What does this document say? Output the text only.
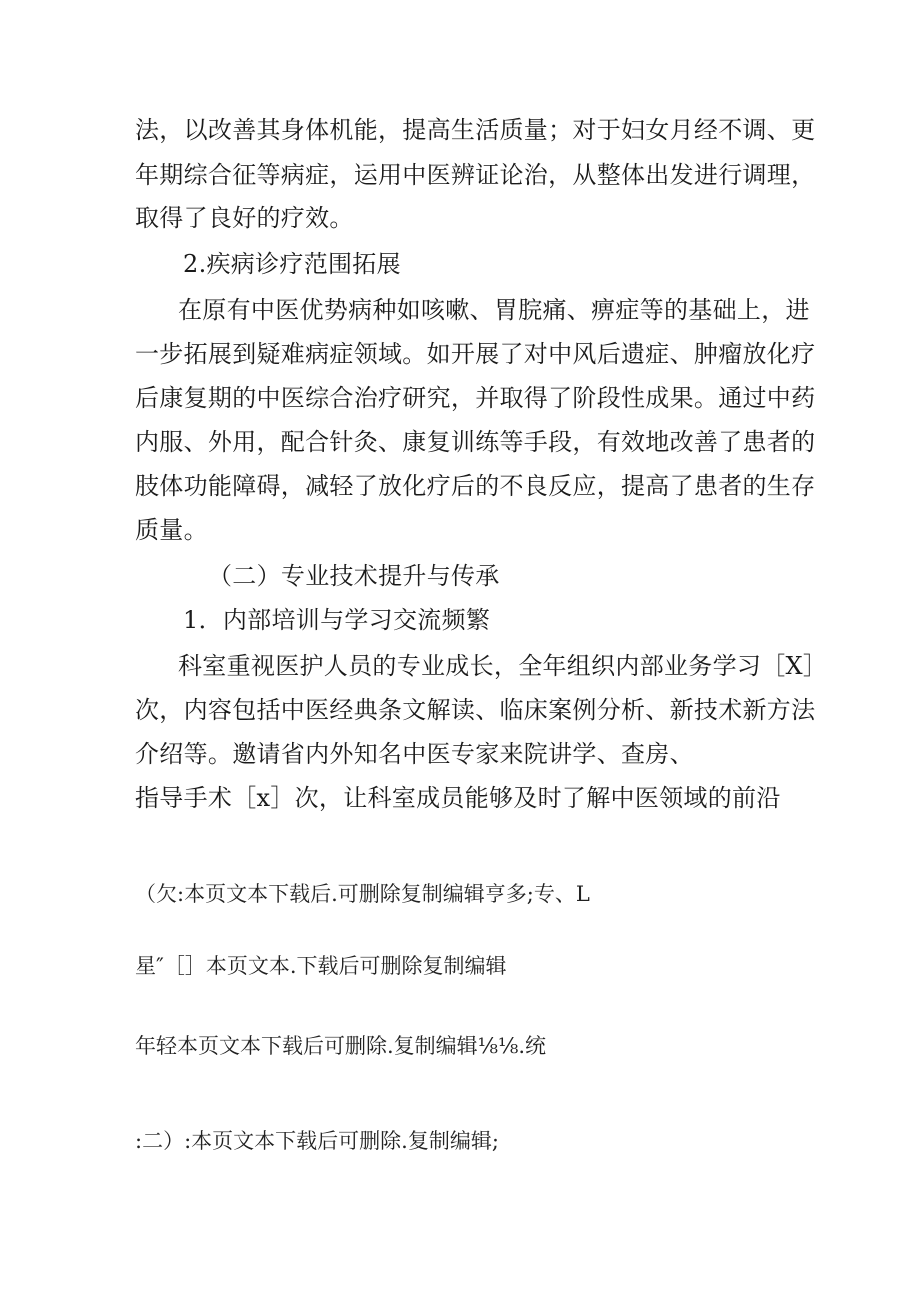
法，以改善其身体机能，提高生活质量；对于妇女月经不调、更
年期综合征等病症，运用中医辨证论治，从整体出发进行调理，
取得了良好的疗效。
2.疾病诊疗范围拓展
在原有中医优势病种如咳嗽、胃脘痛、痹症等的基础上，进
一步拓展到疑难病症领域。如开展了对中风后遗症、肿瘤放化疗
后康复期的中医综合治疗研究，并取得了阶段性成果。通过中药
内服、外用，配合针灸、康复训练等手段，有效地改善了患者的
肢体功能障碍，减轻了放化疗后的不良反应，提高了患者的生存
质量。
（二）专业技术提升与传承
1．内部培训与学习交流频繁
科室重视医护人员的专业成长，全年组织内部业务学习［X］
次，内容包括中医经典条文解读、临床案例分析、新技术新方法
介绍等。邀请省内外知名中医专家来院讲学、查房、
指导手术［x］次，让科室成员能够及时了解中医领域的前沿
（欠:本页文本下载后.可删除复制编辑亨多;专、L
星″［］本页文本.下载后可删除复制编辑
年轻本页文本下载后可删除.复制编辑⅛⅛.统
:二）:本页文本下载后可删除.复制编辑;
